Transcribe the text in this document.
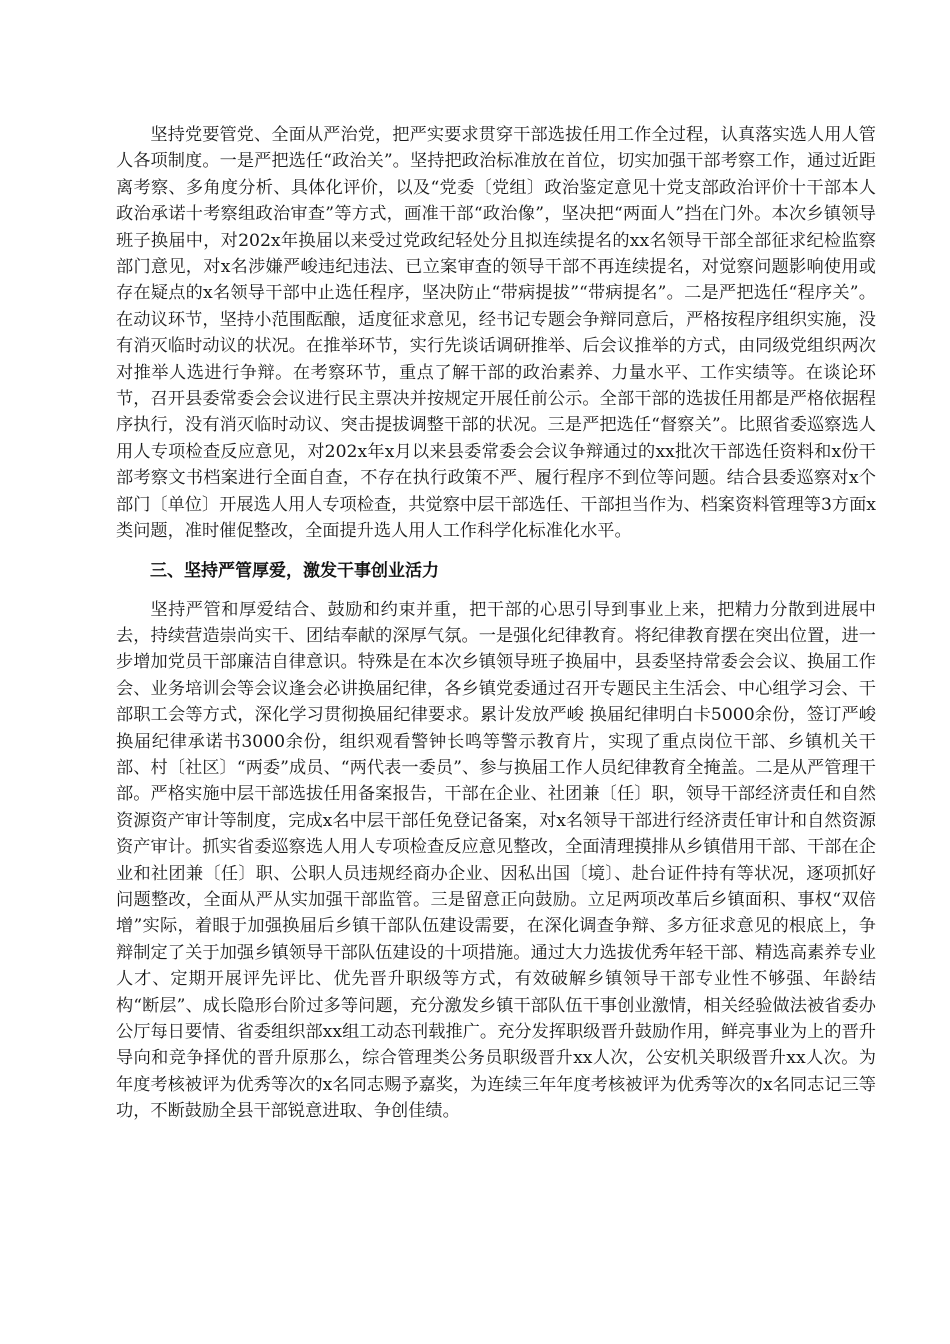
坚持党要管党、全面从严治党，把严实要求贯穿干部选拔任用工作全过程，认真落实选人用人管人各项制度。一是严把选任“政治关”。坚持把政治标准放在首位，切实加强干部考察工作，通过近距离考察、多角度分析、具体化评价，以及“党委〔党组〕政治鉴定意见十党支部政治评价十干部本人政治承诺十考察组政治审查”等方式，画准干部“政治像”，坚决把“两面人”挡在门外。本次乡镇领导班子换届中，对202x年换届以来受过党政纪轻处分且拟连续提名的xx名领导干部全部征求纪检监察部门意见，对x名涉嫌严峻违纪违法、已立案审查的领导干部不再连续提名，对觉察问题影响使用或存在疑点的x名领导干部中止选任程序，坚决防止“带病提拔”“带病提名”。二是严把选任“程序关”。在动议环节，坚持小范围酝酿，适度征求意见，经书记专题会争辩同意后，严格按程序组织实施，没有消灭临时动议的状况。在推举环节，实行先谈话调研推举、后会议推举的方式，由同级党组织两次对推举人选进行争辩。在考察环节，重点了解干部的政治素养、力量水平、工作实绩等。在谈论环节，召开县委常委会会议进行民主票决并按规定开展任前公示。全部干部的选拔任用都是严格依据程序执行，没有消灭临时动议、突击提拔调整干部的状况。三是严把选任“督察关”。比照省委巡察选人用人专项检查反应意见，对202x年x月以来县委常委会会议争辩通过的xx批次干部选任资料和x份干部考察文书档案进行全面自查，不存在执行政策不严、履行程序不到位等问题。结合县委巡察对x个部门〔单位〕开展选人用人专项检查，共觉察中层干部选任、干部担当作为、档案资料管理等3方面x类问题，准时催促整改，全面提升选人用人工作科学化标准化水平。

三、坚持严管厚爱，激发干事创业活力

坚持严管和厚爱结合、鼓励和约束并重，把干部的心思引导到事业上来，把精力分散到进展中去，持续营造崇尚实干、团结奉献的深厚气氛。一是强化纪律教育。将纪律教育摆在突出位置，进一步增加党员干部廉洁自律意识。特殊是在本次乡镇领导班子换届中，县委坚持常委会会议、换届工作会、业务培训会等会议逢会必讲换届纪律，各乡镇党委通过召开专题民主生活会、中心组学习会、干部职工会等方式，深化学习贯彻换届纪律要求。累计发放严峻 换届纪律明白卡5000余份，签订严峻 换届纪律承诺书3000余份，组织观看警钟长鸣等警示教育片，实现了重点岗位干部、乡镇机关干部、村〔社区〕“两委”成员、“两代表一委员”、参与换届工作人员纪律教育全掩盖。二是从严管理干部。严格实施中层干部选拔任用备案报告，干部在企业、社团兼〔任〕职，领导干部经济责任和自然资源资产审计等制度，完成x名中层干部任免登记备案，对x名领导干部进行经济责任审计和自然资源资产审计。抓实省委巡察选人用人专项检查反应意见整改，全面清理摸排从乡镇借用干部、干部在企业和社团兼〔任〕职、公职人员违规经商办企业、因私出国〔境〕、赴台证件持有等状况，逐项抓好问题整改，全面从严从实加强干部监管。三是留意正向鼓励。立足两项改革后乡镇面积、事权“双倍增”实际，着眼于加强换届后乡镇干部队伍建设需要，在深化调查争辩、多方征求意见的根底上，争辩制定了关于加强乡镇领导干部队伍建设的十项措施。通过大力选拔优秀年轻干部、精选高素养专业人才、定期开展评先评比、优先晋升职级等方式，有效破解乡镇领导干部专业性不够强、年龄结构“断层”、成长隐形台阶过多等问题，充分激发乡镇干部队伍干事创业激情，相关经验做法被省委办公厅每日要情、省委组织部xx组工动态刊载推广。充分发挥职级晋升鼓励作用，鲜亮事业为上的晋升导向和竞争择优的晋升原那么，综合管理类公务员职级晋升xx人次，公安机关职级晋升xx人次。为年度考核被评为优秀等次的x名同志赐予嘉奖，为连续三年年度考核被评为优秀等次的x名同志记三等功，不断鼓励全县干部锐意进取、争创佳绩。
